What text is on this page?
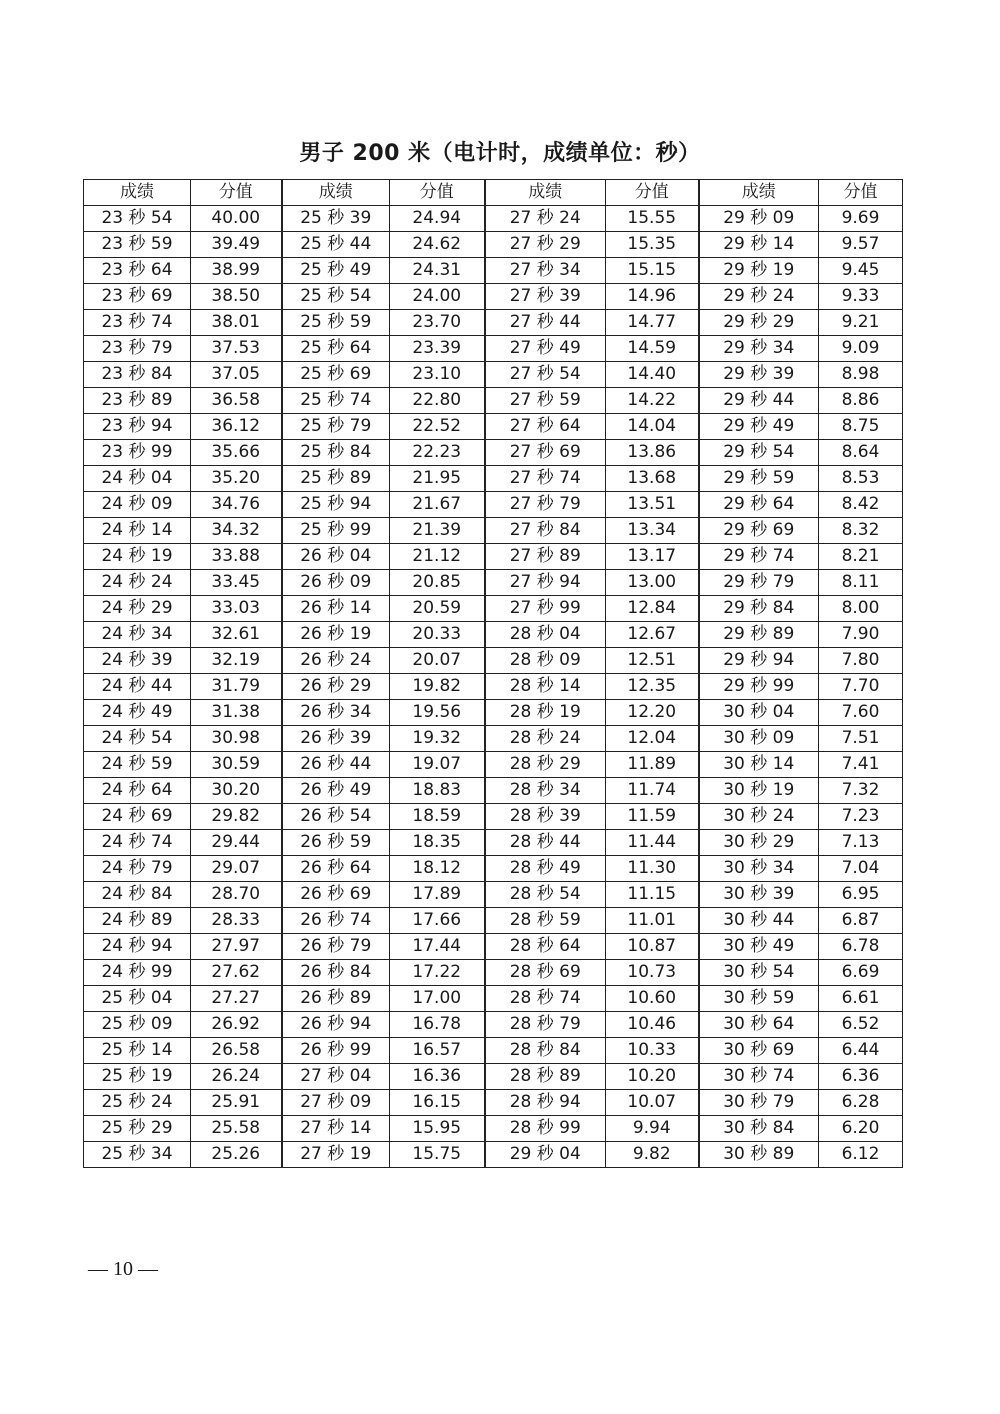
男子 200 米（电计时，成绩单位：秒）
成绩	分值	成绩	分值	成绩	分值	成绩	分值
23 秒 54	40.00	25 秒 39	24.94	27 秒 24	15.55	29 秒 09	9.69
23 秒 59	39.49	25 秒 44	24.62	27 秒 29	15.35	29 秒 14	9.57
23 秒 64	38.99	25 秒 49	24.31	27 秒 34	15.15	29 秒 19	9.45
23 秒 69	38.50	25 秒 54	24.00	27 秒 39	14.96	29 秒 24	9.33
23 秒 74	38.01	25 秒 59	23.70	27 秒 44	14.77	29 秒 29	9.21
23 秒 79	37.53	25 秒 64	23.39	27 秒 49	14.59	29 秒 34	9.09
23 秒 84	37.05	25 秒 69	23.10	27 秒 54	14.40	29 秒 39	8.98
23 秒 89	36.58	25 秒 74	22.80	27 秒 59	14.22	29 秒 44	8.86
23 秒 94	36.12	25 秒 79	22.52	27 秒 64	14.04	29 秒 49	8.75
23 秒 99	35.66	25 秒 84	22.23	27 秒 69	13.86	29 秒 54	8.64
24 秒 04	35.20	25 秒 89	21.95	27 秒 74	13.68	29 秒 59	8.53
24 秒 09	34.76	25 秒 94	21.67	27 秒 79	13.51	29 秒 64	8.42
24 秒 14	34.32	25 秒 99	21.39	27 秒 84	13.34	29 秒 69	8.32
24 秒 19	33.88	26 秒 04	21.12	27 秒 89	13.17	29 秒 74	8.21
24 秒 24	33.45	26 秒 09	20.85	27 秒 94	13.00	29 秒 79	8.11
24 秒 29	33.03	26 秒 14	20.59	27 秒 99	12.84	29 秒 84	8.00
24 秒 34	32.61	26 秒 19	20.33	28 秒 04	12.67	29 秒 89	7.90
24 秒 39	32.19	26 秒 24	20.07	28 秒 09	12.51	29 秒 94	7.80
24 秒 44	31.79	26 秒 29	19.82	28 秒 14	12.35	29 秒 99	7.70
24 秒 49	31.38	26 秒 34	19.56	28 秒 19	12.20	30 秒 04	7.60
24 秒 54	30.98	26 秒 39	19.32	28 秒 24	12.04	30 秒 09	7.51
24 秒 59	30.59	26 秒 44	19.07	28 秒 29	11.89	30 秒 14	7.41
24 秒 64	30.20	26 秒 49	18.83	28 秒 34	11.74	30 秒 19	7.32
24 秒 69	29.82	26 秒 54	18.59	28 秒 39	11.59	30 秒 24	7.23
24 秒 74	29.44	26 秒 59	18.35	28 秒 44	11.44	30 秒 29	7.13
24 秒 79	29.07	26 秒 64	18.12	28 秒 49	11.30	30 秒 34	7.04
24 秒 84	28.70	26 秒 69	17.89	28 秒 54	11.15	30 秒 39	6.95
24 秒 89	28.33	26 秒 74	17.66	28 秒 59	11.01	30 秒 44	6.87
24 秒 94	27.97	26 秒 79	17.44	28 秒 64	10.87	30 秒 49	6.78
24 秒 99	27.62	26 秒 84	17.22	28 秒 69	10.73	30 秒 54	6.69
25 秒 04	27.27	26 秒 89	17.00	28 秒 74	10.60	30 秒 59	6.61
25 秒 09	26.92	26 秒 94	16.78	28 秒 79	10.46	30 秒 64	6.52
25 秒 14	26.58	26 秒 99	16.57	28 秒 84	10.33	30 秒 69	6.44
25 秒 19	26.24	27 秒 04	16.36	28 秒 89	10.20	30 秒 74	6.36
25 秒 24	25.91	27 秒 09	16.15	28 秒 94	10.07	30 秒 79	6.28
25 秒 29	25.58	27 秒 14	15.95	28 秒 99	9.94	30 秒 84	6.20
25 秒 34	25.26	27 秒 19	15.75	29 秒 04	9.82	30 秒 89	6.12
— 10 —
